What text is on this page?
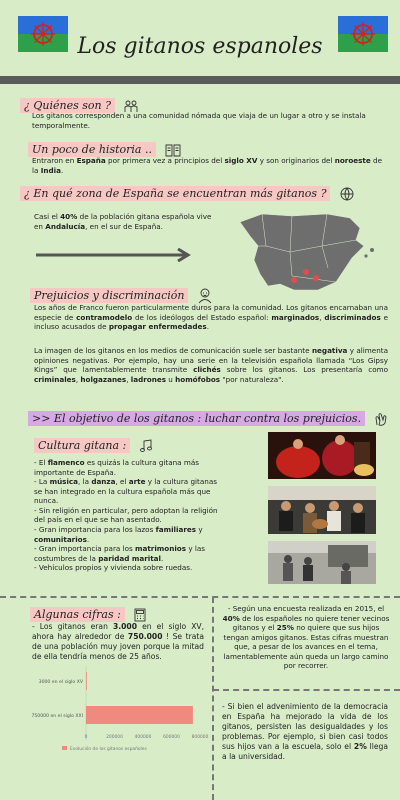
Los gitanos espanoles
¿ Quiénes son ?
Los gitanos corresponden a una comunidad nómada que viaja de un lugar a otro y se instala temporalmente.
Un poco de historia ..
Entraron en España por primera vez a principios del siglo XV y son originarios del noroeste de la India.
¿ En qué zona de España se encuentran más gitanos ?
Casi el 40% de la población gitana española vive en Andalucía, en el sur de España.
Prejuicios y discriminación
Los años de Franco fueron particularmente duros para la comunidad. Los gitanos encarnaban una especie de contramodelo de los ideólogos del Estado español: marginados, discriminados e incluso acusados de propagar enfermedades.
La imagen de los gitanos en los medios de comunicación suele ser bastante negativa y alimenta opiniones negativas. Por ejemplo, hay una serie en la televisión española llamada “Los Gipsy Kings” que lamentablemente transmite clichés sobre los gitanos. Los presentaría como criminales, holgazanes, ladrones u homófobos "por naturaleza".
>> El objetivo de los gitanos : luchar contra los prejuicios.
Cultura gitana :
- El flamenco es quizás la cultura gitana más importante de España.
- La música, la danza, el arte y la cultura gitanas se han integrado en la cultura española más que nunca.
- Sin religión en particular, pero adoptan la religión del país en el que se han asentado.
- Gran importancia para los lazos familiares y comunitarios.
- Gran importancia para los matrimonios y las costumbres de la paridad marital.
- Vehículos propios y vivienda sobre ruedas.
Algunas cifras :
- Los gitanos eran 3.000 en el siglo XV, ahora hay alrededor de 750.000 ! Se trata de una población muy joven porque la mitad de ella tendría menos de 25 años.
3000 en el siglo XV
750000 en el siglo XXI
0	200000	400000	600000	800000
Evolución de los gitanos españoles
- Según una encuesta realizada en 2015, el 40% de los españoles no quiere tener vecinos gitanos y el 25% no quiere que sus hijos tengan amigos gitanos. Estas cifras muestran que, a pesar de los avances en el tema, lamentablemente aún queda un largo camino por recorrer.
- Si bien el advenimiento de la democracia en España ha mejorado la vida de los gitanos, persisten las desigualdades y los problemas. Por ejemplo, si bien casi todos sus hijos van a la escuela, solo el 2% llega a la universidad.
